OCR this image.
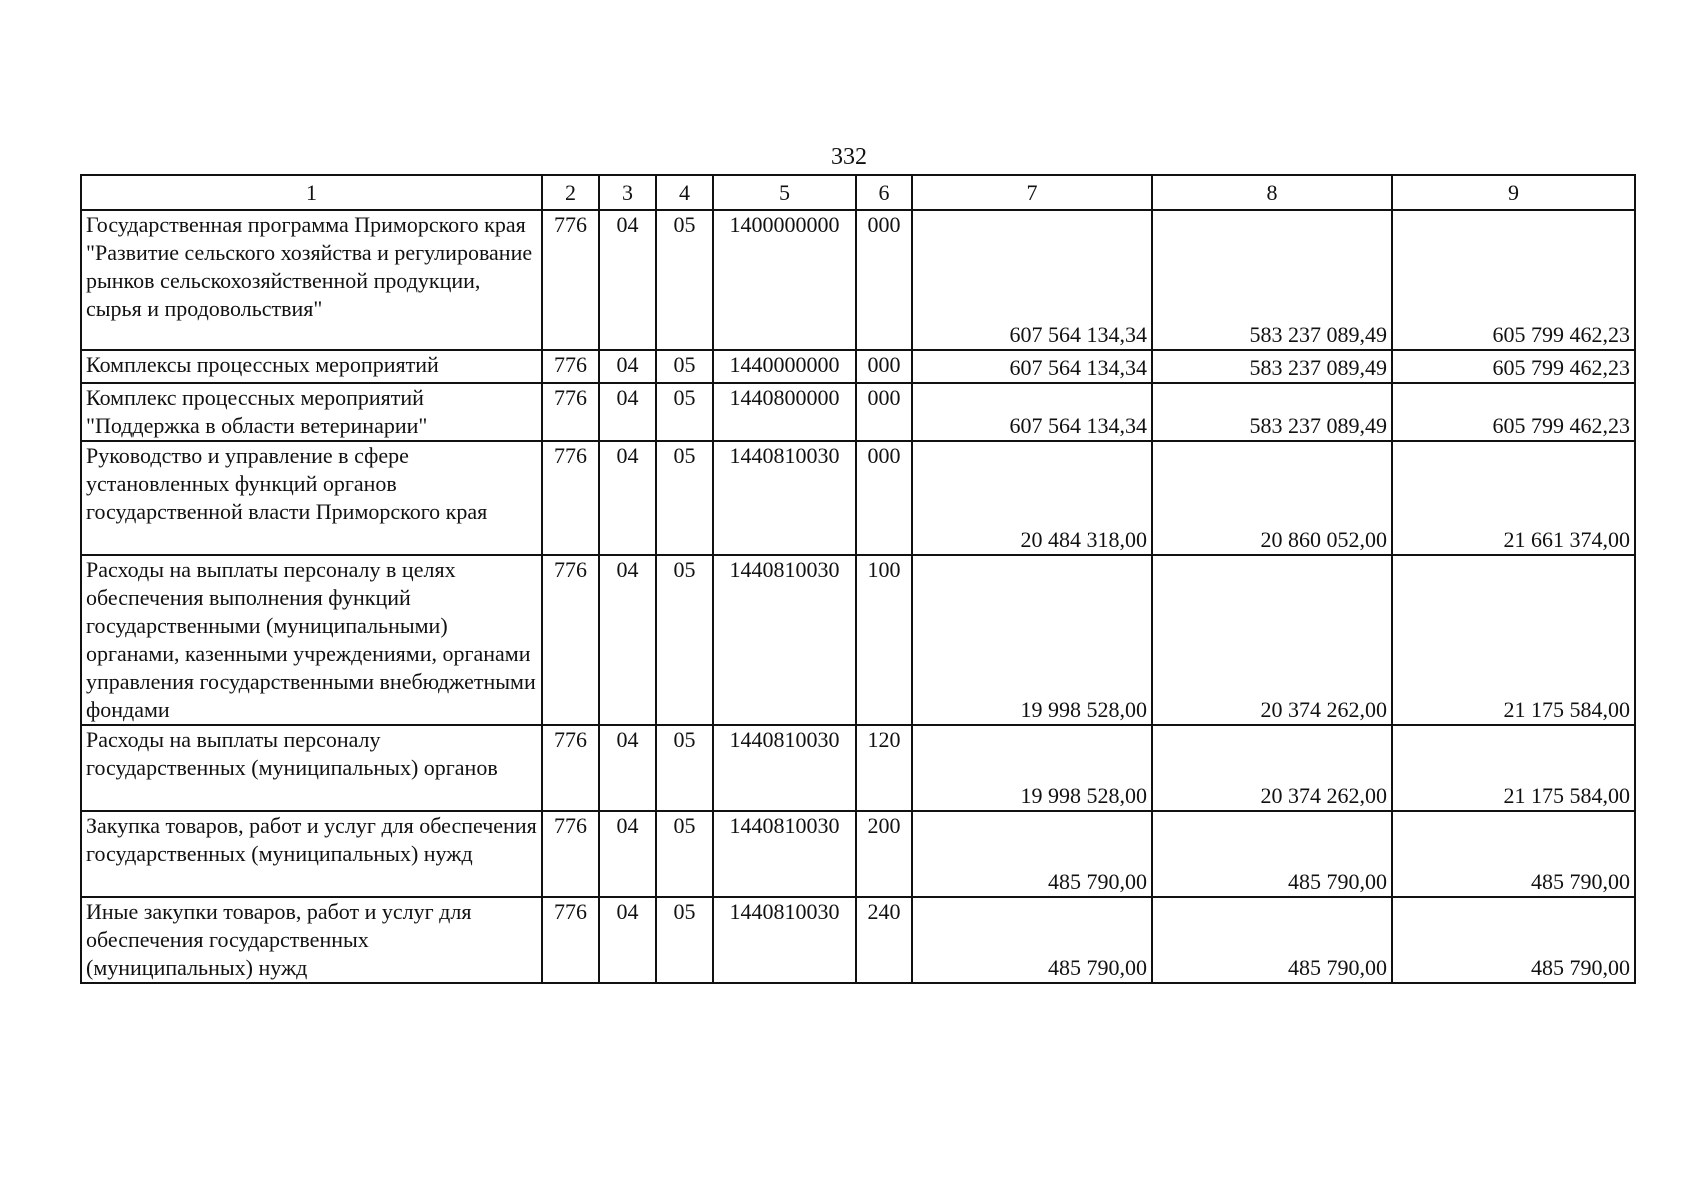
332
1	2	3	4	5	6	7	8	9
Государственная программа Приморского края "Развитие сельского хозяйства и регулирование рынков сельскохозяйственной продукции, сырья и продовольствия"	776	04	05	1400000000	000	607 564 134,34	583 237 089,49	605 799 462,23
Комплексы процессных мероприятий	776	04	05	1440000000	000	607 564 134,34	583 237 089,49	605 799 462,23
Комплекс процессных мероприятий "Поддержка в области ветеринарии"	776	04	05	1440800000	000	607 564 134,34	583 237 089,49	605 799 462,23
Руководство и управление в сфере установленных функций органов государственной власти Приморского края	776	04	05	1440810030	000	20 484 318,00	20 860 052,00	21 661 374,00
Расходы на выплаты персоналу в целях обеспечения выполнения функций государственными (муниципальными) органами, казенными учреждениями, органами управления государственными внебюджетными фондами	776	04	05	1440810030	100	19 998 528,00	20 374 262,00	21 175 584,00
Расходы на выплаты персоналу государственных (муниципальных) органов	776	04	05	1440810030	120	19 998 528,00	20 374 262,00	21 175 584,00
Закупка товаров, работ и услуг для обеспечения государственных (муниципальных) нужд	776	04	05	1440810030	200	485 790,00	485 790,00	485 790,00
Иные закупки товаров, работ и услуг для обеспечения государственных (муниципальных) нужд	776	04	05	1440810030	240	485 790,00	485 790,00	485 790,00
